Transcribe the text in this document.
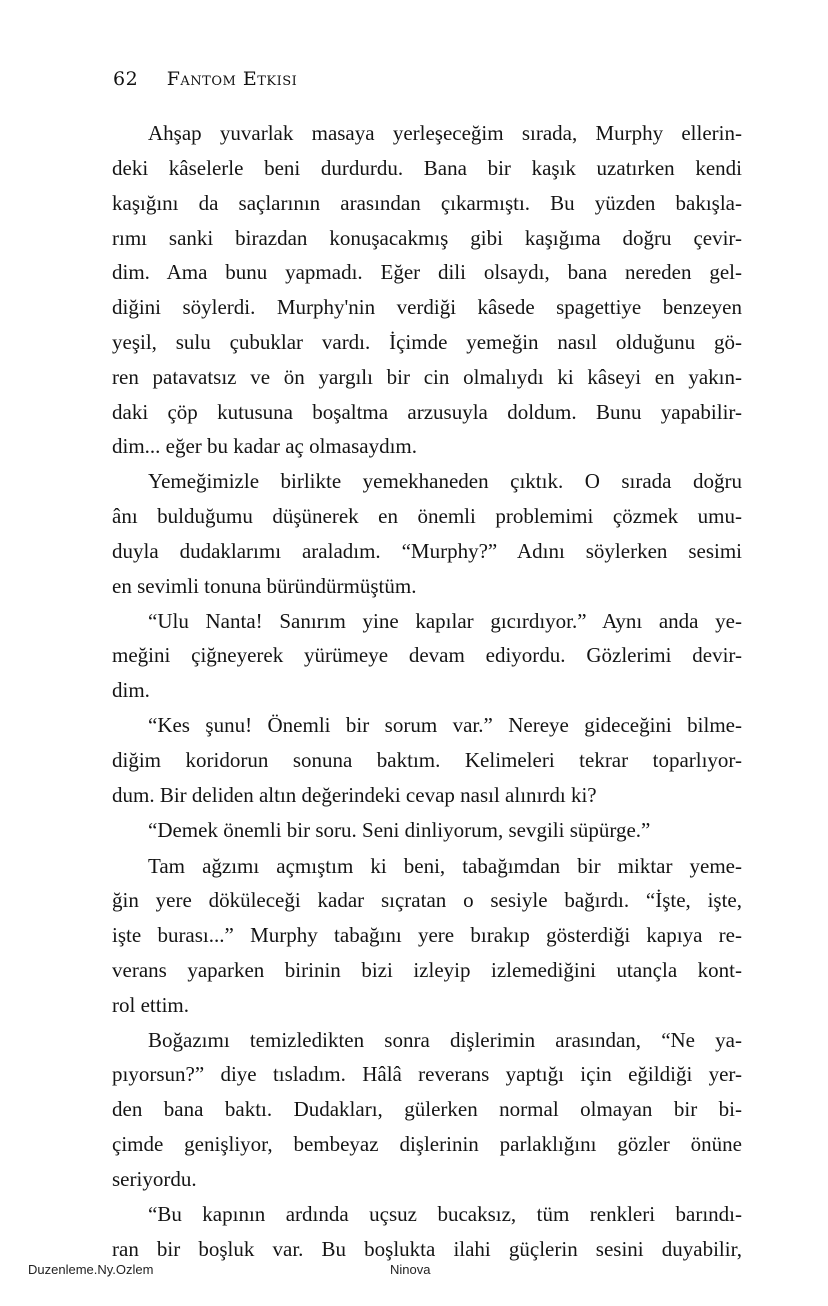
62 Fantom Etkisi
Ahşap yuvarlak masaya yerleşeceğim sırada, Murphy ellerin-
deki kâselerle beni durdurdu. Bana bir kaşık uzatırken kendi
kaşığını da saçlarının arasından çıkarmıştı. Bu yüzden bakışla-
rımı sanki birazdan konuşacakmış gibi kaşığıma doğru çevir-
dim. Ama bunu yapmadı. Eğer dili olsaydı, bana nereden gel-
diğini söylerdi. Murphy'nin verdiği kâsede spagettiye benzeyen
yeşil, sulu çubuklar vardı. İçimde yemeğin nasıl olduğunu gö-
ren patavatsız ve ön yargılı bir cin olmalıydı ki kâseyi en yakın-
daki çöp kutusuna boşaltma arzusuyla doldum. Bunu yapabilir-
dim... eğer bu kadar aç olmasaydım.
Yemeğimizle birlikte yemekhaneden çıktık. O sırada doğru
ânı bulduğumu düşünerek en önemli problemimi çözmek umu-
duyla dudaklarımı araladım. “Murphy?” Adını söylerken sesimi
en sevimli tonuna büründürmüştüm.
“Ulu Nanta! Sanırım yine kapılar gıcırdıyor.” Aynı anda ye-
meğini çiğneyerek yürümeye devam ediyordu. Gözlerimi devir-
dim.
“Kes şunu! Önemli bir sorum var.” Nereye gideceğini bilme-
diğim koridorun sonuna baktım. Kelimeleri tekrar toparlıyor-
dum. Bir deliden altın değerindeki cevap nasıl alınırdı ki?
“Demek önemli bir soru. Seni dinliyorum, sevgili süpürge.”
Tam ağzımı açmıştım ki beni, tabağımdan bir miktar yeme-
ğin yere döküleceği kadar sıçratan o sesiyle bağırdı. “İşte, işte,
işte burası...” Murphy tabağını yere bırakıp gösterdiği kapıya re-
verans yaparken birinin bizi izleyip izlemediğini utançla kont-
rol ettim.
Boğazımı temizledikten sonra dişlerimin arasından, “Ne ya-
pıyorsun?” diye tısladım. Hâlâ reverans yaptığı için eğildiği yer-
den bana baktı. Dudakları, gülerken normal olmayan bir bi-
çimde genişliyor, bembeyaz dişlerinin parlaklığını gözler önüne
seriyordu.
“Bu kapının ardında uçsuz bucaksız, tüm renkleri barındı-
ran bir boşluk var. Bu boşlukta ilahi güçlerin sesini duyabilir,
Duzenleme.Ny.Ozlem	Ninova
